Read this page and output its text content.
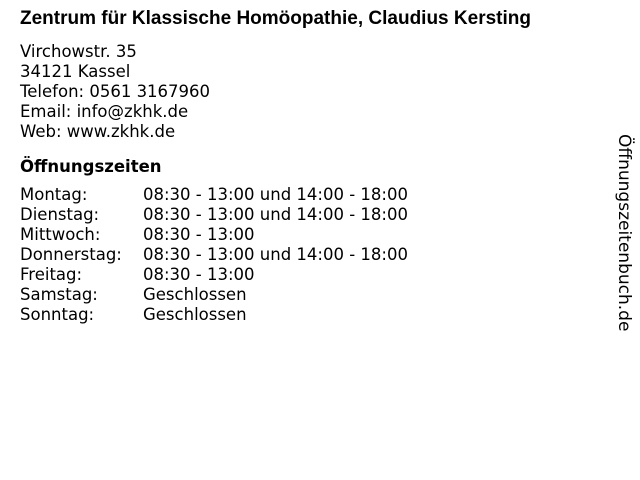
Zentrum für Klassische Homöopathie, Claudius Kersting
Virchowstr. 35
34121 Kassel
Telefon: 0561 3167960
Email: info@zkhk.de
Web: www.zkhk.de
Öffnungszeiten
Montag:	08:30 - 13:00 und 14:00 - 18:00
Dienstag:	08:30 - 13:00 und 14:00 - 18:00
Mittwoch:	08:30 - 13:00
Donnerstag:	08:30 - 13:00 und 14:00 - 18:00
Freitag:	08:30 - 13:00
Samstag:	Geschlossen
Sonntag:	Geschlossen	Öffnungszeitenbuch.de
